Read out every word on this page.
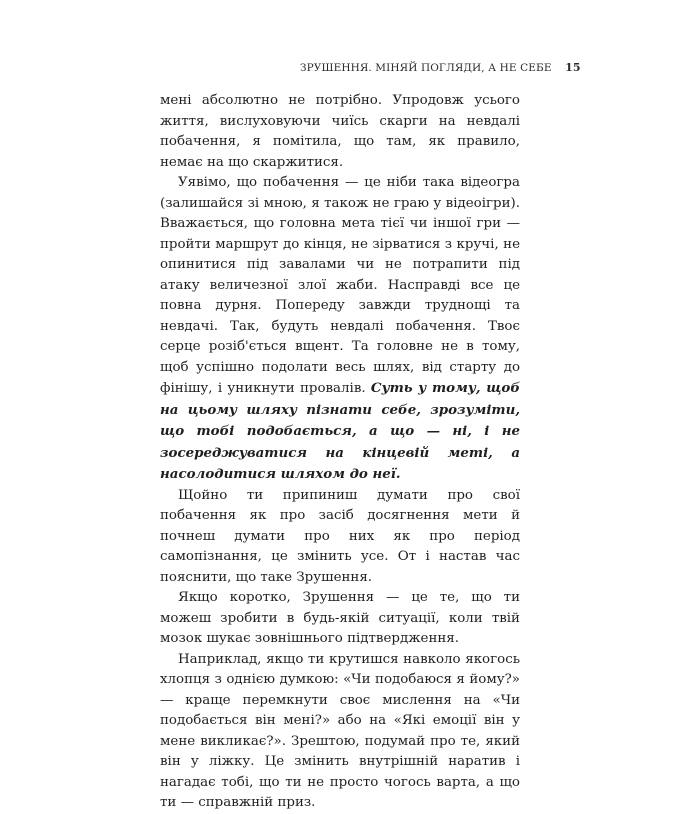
ЗРУШЕННЯ. МІНЯЙ ПОГЛЯДИ, А НЕ СЕБЕ 15

мені абсолютно не потрібно. Упродовж усього життя, вислуховуючи чиїсь скарги на невдалі побачення, я помітила, що там, як правило, немає на що скаржитися.

Уявімо, що побачення — це ніби така відеогра (залишайся зі мною, я також не граю у відеоігри). Вважається, що головна мета тієї чи іншої гри — пройти маршрут до кінця, не зірватися з кручі, не опинитися під завалами чи не потрапити під атаку величезної злої жаби. Насправді все це повна дурня. Попереду завжди труднощі та невдачі. Так, будуть невдалі побачення. Твоє серце розіб'ється вщент. Та головне не в тому, щоб успішно подолати весь шлях, від старту до фінішу, і уникнути провалів. Суть у тому, щоб на цьому шляху пізнати себе, зрозуміти, що тобі подобається, а що — ні, і не зосереджуватися на кінцевій меті, а насолодитися шляхом до неї.

Щойно ти припиниш думати про свої побачення як про засіб досягнення мети й почнеш думати про них як про період самопізнання, це змінить усе. От і настав час пояснити, що таке Зрушення.

Якщо коротко, Зрушення — це те, що ти можеш зробити в будь-якій ситуації, коли твій мозок шукає зовнішнього підтвердження.

Наприклад, якщо ти крутишся навколо якогось хлопця з однією думкою: «Чи подобаюся я йому?» — краще перемкнути своє мислення на «Чи подобається він мені?» або на «Які емоції він у мене викликає?». Зрештою, подумай про те, який він у ліжку. Це змінить внутрішній наратив і нагадає тобі, що ти не просто чогось варта, а що ти — справжній приз.
